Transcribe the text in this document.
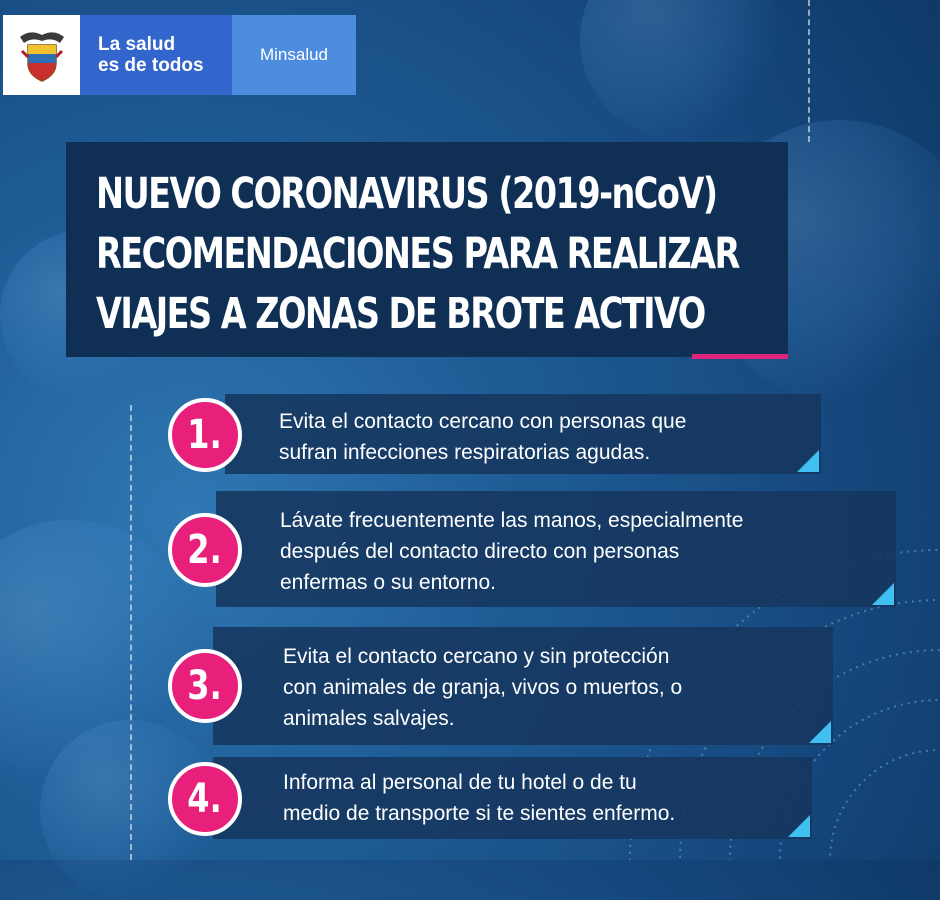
La salud
es de todos
Minsalud
NUEVO CORONAVIRUS (2019-nCoV)
RECOMENDACIONES PARA REALIZAR
VIAJES A ZONAS DE BROTE ACTIVO
Evita el contacto cercano con personas que
sufran infecciones respiratorias agudas.
1.
Lávate frecuentemente las manos, especialmente
después del contacto directo con personas
enfermas o su entorno.
2.
Evita el contacto cercano y sin protección
con animales de granja, vivos o muertos, o
animales salvajes.
3.
Informa al personal de tu hotel o de tu
medio de transporte si te sientes enfermo.
4.
